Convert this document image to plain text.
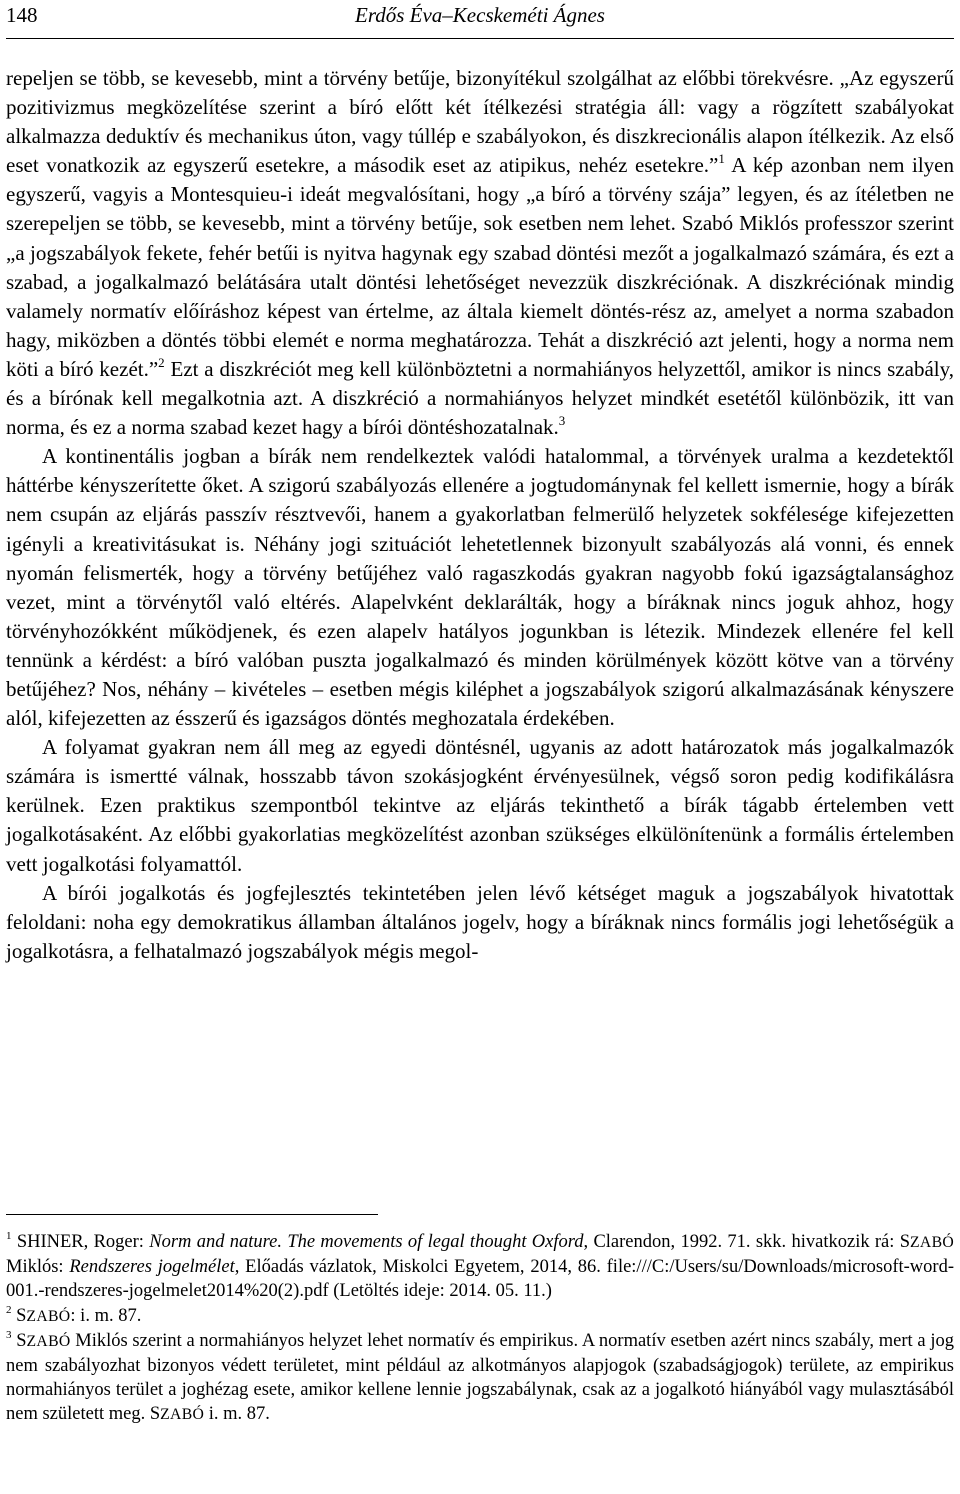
148	Erdős Éva–Kecskeméti Ágnes

repeljen se több, se kevesebb, mint a törvény betűje, bizonyítékul szolgálhat az előbbi törekvésre. „Az egyszerű pozitivizmus megközelítése szerint a bíró előtt két ítélkezési stratégia áll: vagy a rögzített szabályokat alkalmazza deduktív és mechanikus úton, vagy túllép e szabályokon, és diszkrecionális alapon ítélkezik. Az első eset vonatkozik az egyszerű esetekre, a második eset az atipikus, nehéz esetekre.”$^1$ A kép azonban nem ilyen egyszerű, vagyis a Montesquieu-i ideát megvalósítani, hogy „a bíró a törvény szája” legyen, és az ítéletben ne szerepeljen se több, se kevesebb, mint a törvény betűje, sok esetben nem lehet. Szabó Miklós professzor szerint „a jogszabályok fekete, fehér betűi is nyitva hagynak egy szabad döntési mezőt a jogalkalmazó számára, és ezt a szabad, a jogalkalmazó belátására utalt döntési lehetőséget nevezzük diszkréciónak. A diszkréciónak mindig valamely normatív előíráshoz képest van értelme, az általa kiemelt döntés-rész az, amelyet a norma szabadon hagy, miközben a döntés többi elemét e norma meghatározza. Tehát a diszkréció azt jelenti, hogy a norma nem köti a bíró kezét.”$^2$ Ezt a diszkréciót meg kell különböztetni a normahiányos helyzettől, amikor is nincs szabály, és a bírónak kell megalkotnia azt. A diszkréció a normahiányos helyzet mindkét esetétől különbözik, itt van norma, és ez a norma szabad kezet hagy a bírói döntéshozatalnak.$^3$

A kontinentális jogban a bírák nem rendelkeztek valódi hatalommal, a törvények uralma a kezdetektől háttérbe kényszerítette őket. A szigorú szabályozás ellenére a jogtudománynak fel kellett ismernie, hogy a bírák nem csupán az eljárás passzív résztvevői, hanem a gyakorlatban felmerülő helyzetek sokfélesége kifejezetten igényli a kreativitásukat is. Néhány jogi szituációt lehetetlennek bizonyult szabályozás alá vonni, és ennek nyomán felismerték, hogy a törvény betűjéhez való ragaszkodás gyakran nagyobb fokú igazságtalansághoz vezet, mint a törvénytől való eltérés. Alapelvként deklarálták, hogy a bíráknak nincs joguk ahhoz, hogy törvényhozókként működjenek, és ezen alapelv hatályos jogunkban is létezik. Mindezek ellenére fel kell tennünk a kérdést: a bíró valóban puszta jogalkalmazó és minden körülmények között kötve van a törvény betűjéhez? Nos, néhány – kivételes – esetben mégis kiléphet a jogszabályok szigorú alkalmazásának kényszere alól, kifejezetten az ésszerű és igazságos döntés meghozatala érdekében.

A folyamat gyakran nem áll meg az egyedi döntésnél, ugyanis az adott határozatok más jogalkalmazók számára is ismertté válnak, hosszabb távon szokásjogként érvényesülnek, végső soron pedig kodifikálásra kerülnek. Ezen praktikus szempontból tekintve az eljárás tekinthető a bírák tágabb értelemben vett jogalkotásaként. Az előbbi gyakorlatias megközelítést azonban szükséges elkülönítenünk a formális értelemben vett jogalkotási folyamattól.

A bírói jogalkotás és jogfejlesztés tekintetében jelen lévő kétséget maguk a jogszabályok hivatottak feloldani: noha egy demokratikus államban általános jogelv, hogy a bíráknak nincs formális jogi lehetőségük a jogalkotásra, a felhatalmazó jogszabályok mégis megol-

$^1$ SHINER, Roger: Norm and nature. The movements of legal thought Oxford, Clarendon, 1992. 71. skk. hivatkozik rá: SZABÓ Miklós: Rendszeres jogelmélet, Előadás vázlatok, Miskolci Egyetem, 2014, 86. file:///C:/Users/su/Downloads/microsoft-word-001.-rendszeres-jogelmelet2014%20(2).pdf (Letöltés ideje: 2014. 05. 11.)

$^2$ SZABÓ: i. m. 87.

$^3$ SZABÓ Miklós szerint a normahiányos helyzet lehet normatív és empirikus. A normatív esetben azért nincs szabály, mert a jog nem szabályozhat bizonyos védett területet, mint például az alkotmányos alapjogok (szabadságjogok) területe, az empirikus normahiányos terület a joghézag esete, amikor kellene lennie jogszabálynak, csak az a jogalkotó hiányából vagy mulasztásából nem született meg. SZABÓ i. m. 87.
